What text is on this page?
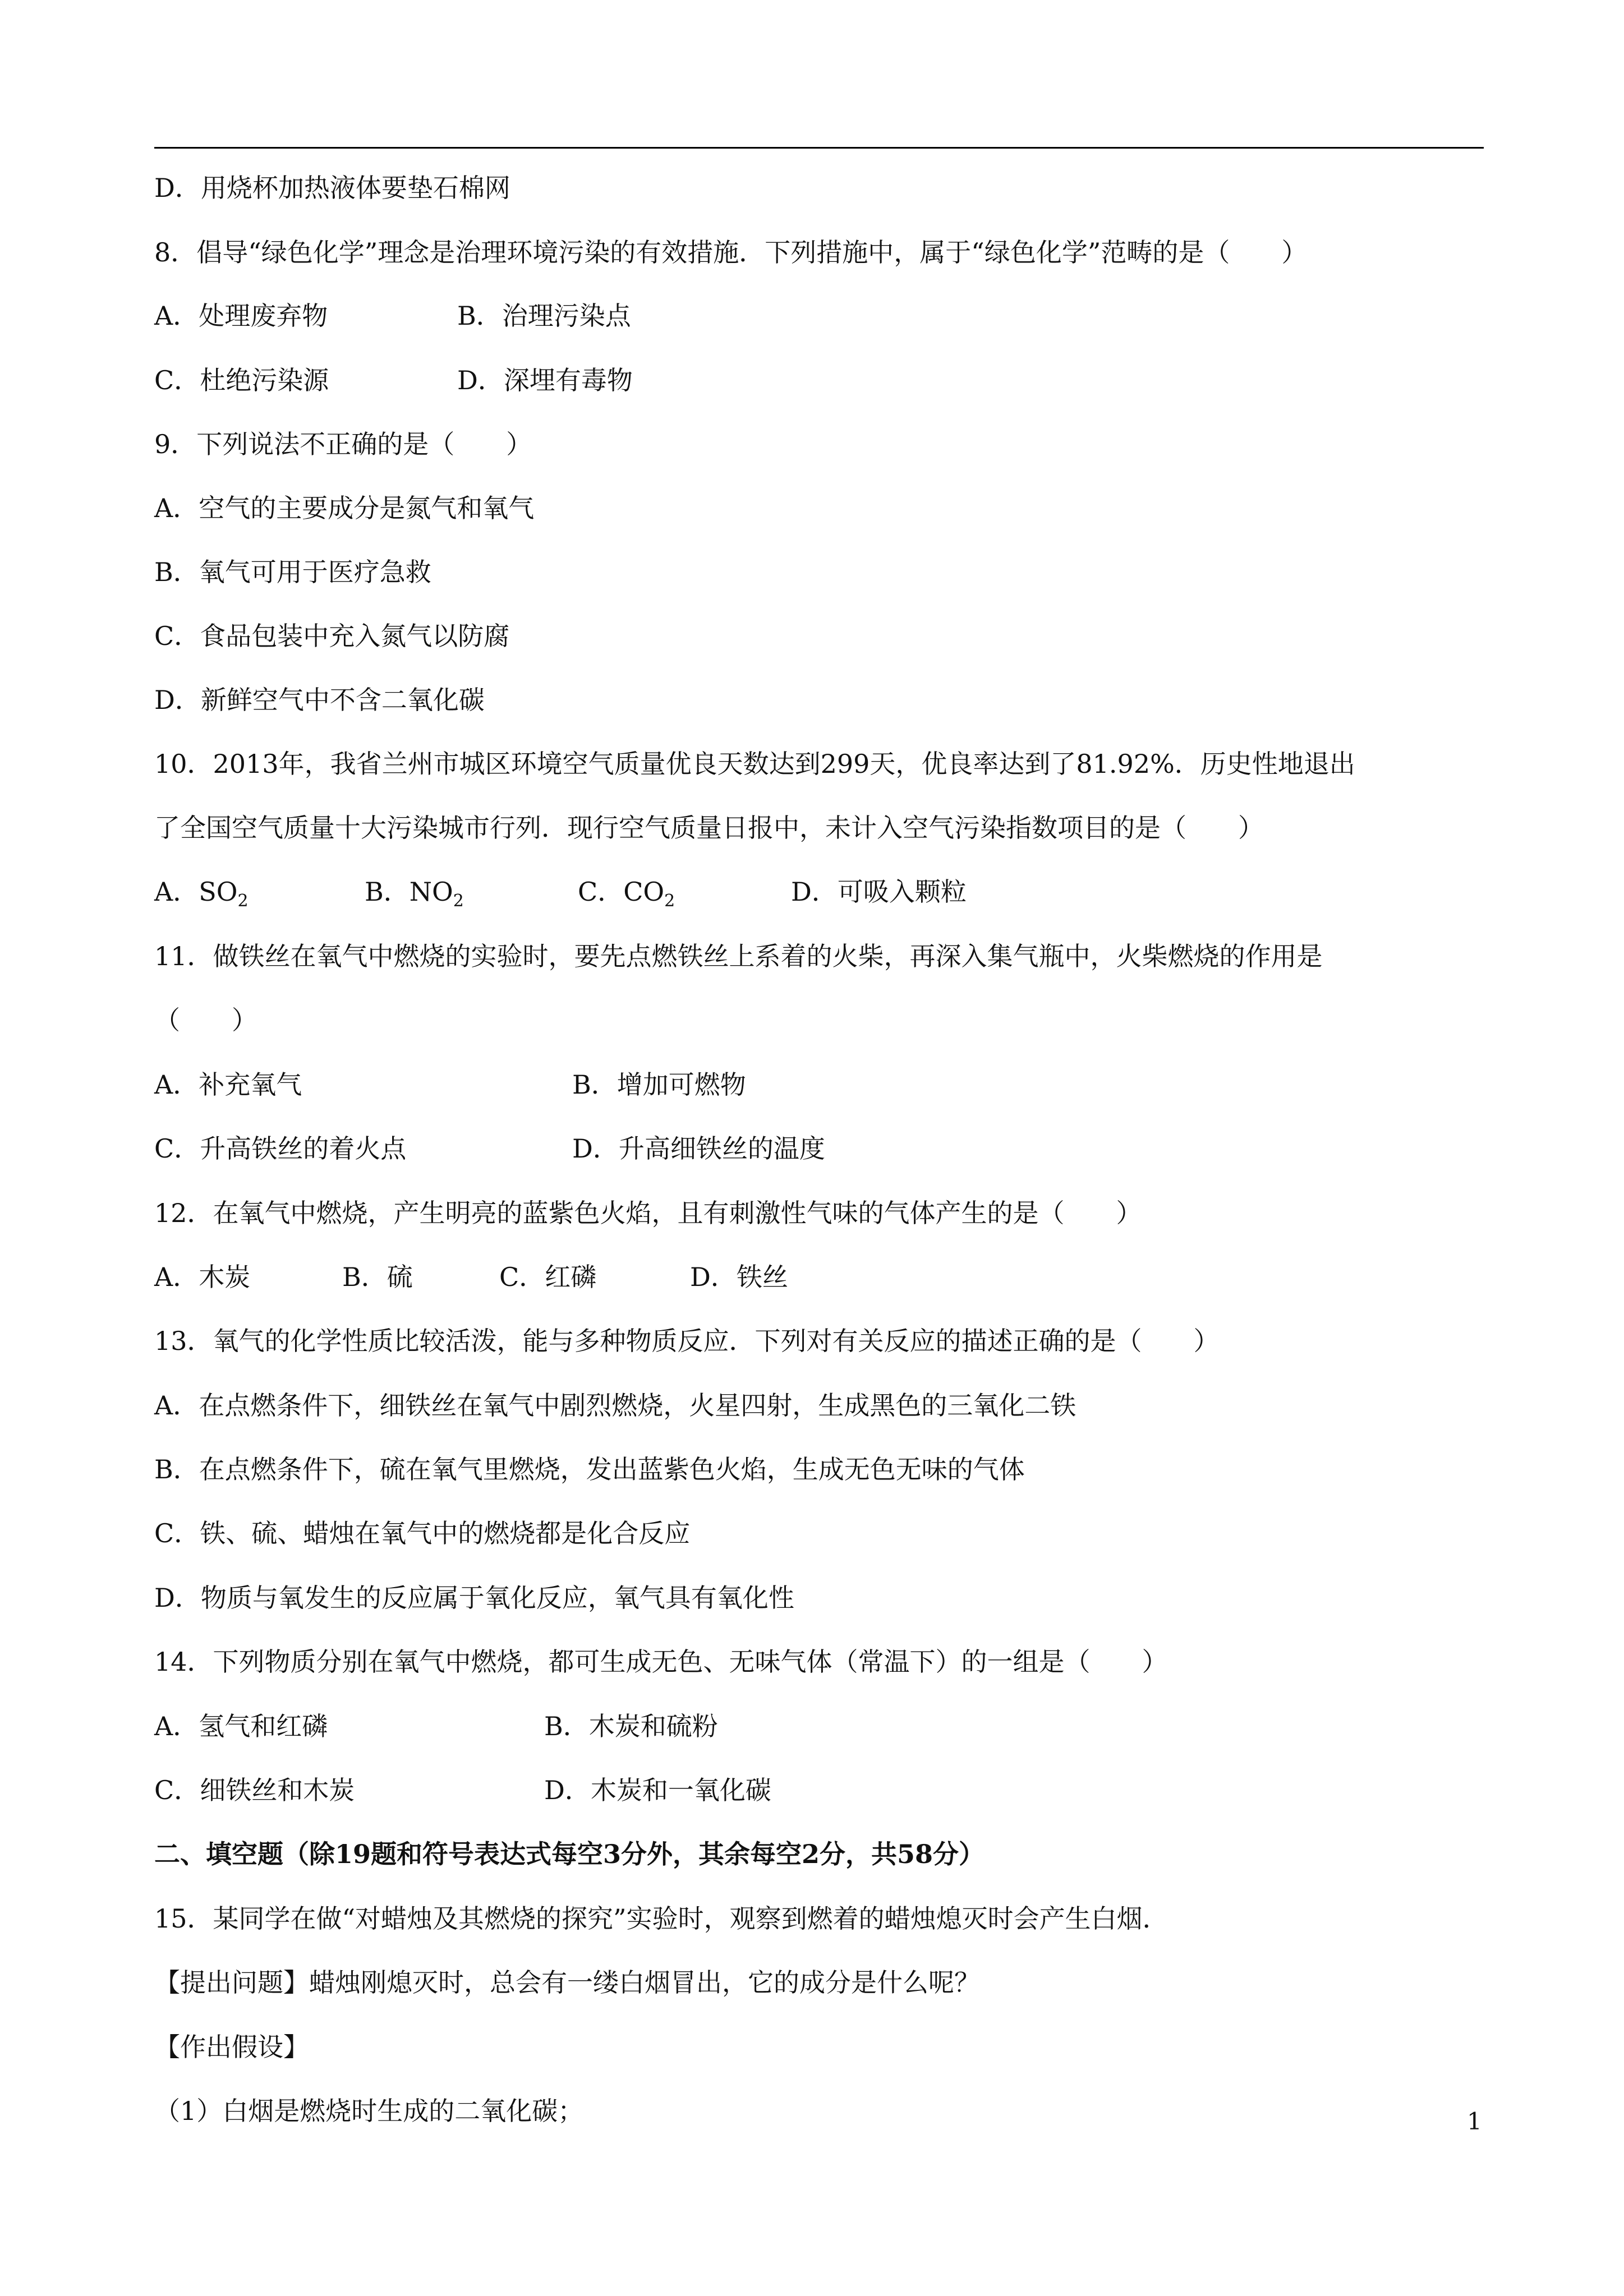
D．用烧杯加热液体要垫石棉网
8．倡导“绿色化学”理念是治理环境污染的有效措施．下列措施中，属于“绿色化学”范畴的是（　　）
A．处理废弃物	B．治理污染点
C．杜绝污染源	D．深埋有毒物
9．下列说法不正确的是（　　）
A．空气的主要成分是氮气和氧气
B．氧气可用于医疗急救
C．食品包装中充入氮气以防腐
D．新鲜空气中不含二氧化碳
10．2013年，我省兰州市城区环境空气质量优良天数达到299天，优良率达到了81.92%．历史性地退出
了全国空气质量十大污染城市行列．现行空气质量日报中，未计入空气污染指数项目的是（　　）
A．$SO_2$	B．$NO_2$	C．$CO_2$	D．可吸入颗粒
11．做铁丝在氧气中燃烧的实验时，要先点燃铁丝上系着的火柴，再深入集气瓶中，火柴燃烧的作用是
（　　）
A．补充氧气	B．增加可燃物
C．升高铁丝的着火点	D．升高细铁丝的温度
12．在氧气中燃烧，产生明亮的蓝紫色火焰，且有刺激性气味的气体产生的是（　　）
A．木炭	B．硫	C．红磷	D．铁丝
13．氧气的化学性质比较活泼，能与多种物质反应．下列对有关反应的描述正确的是（　　）
A．在点燃条件下，细铁丝在氧气中剧烈燃烧，火星四射，生成黑色的三氧化二铁
B．在点燃条件下，硫在氧气里燃烧，发出蓝紫色火焰，生成无色无味的气体
C．铁、硫、蜡烛在氧气中的燃烧都是化合反应
D．物质与氧发生的反应属于氧化反应，氧气具有氧化性
14．下列物质分别在氧气中燃烧，都可生成无色、无味气体（常温下）的一组是（　　）
A．氢气和红磷	B．木炭和硫粉
C．细铁丝和木炭	D．木炭和一氧化碳
二、填空题（除19题和符号表达式每空3分外，其余每空2分，共58分）
15．某同学在做“对蜡烛及其燃烧的探究”实验时，观察到燃着的蜡烛熄灭时会产生白烟．
【提出问题】蜡烛刚熄灭时，总会有一缕白烟冒出，它的成分是什么呢？
【作出假设】
（1）白烟是燃烧时生成的二氧化碳；	1
